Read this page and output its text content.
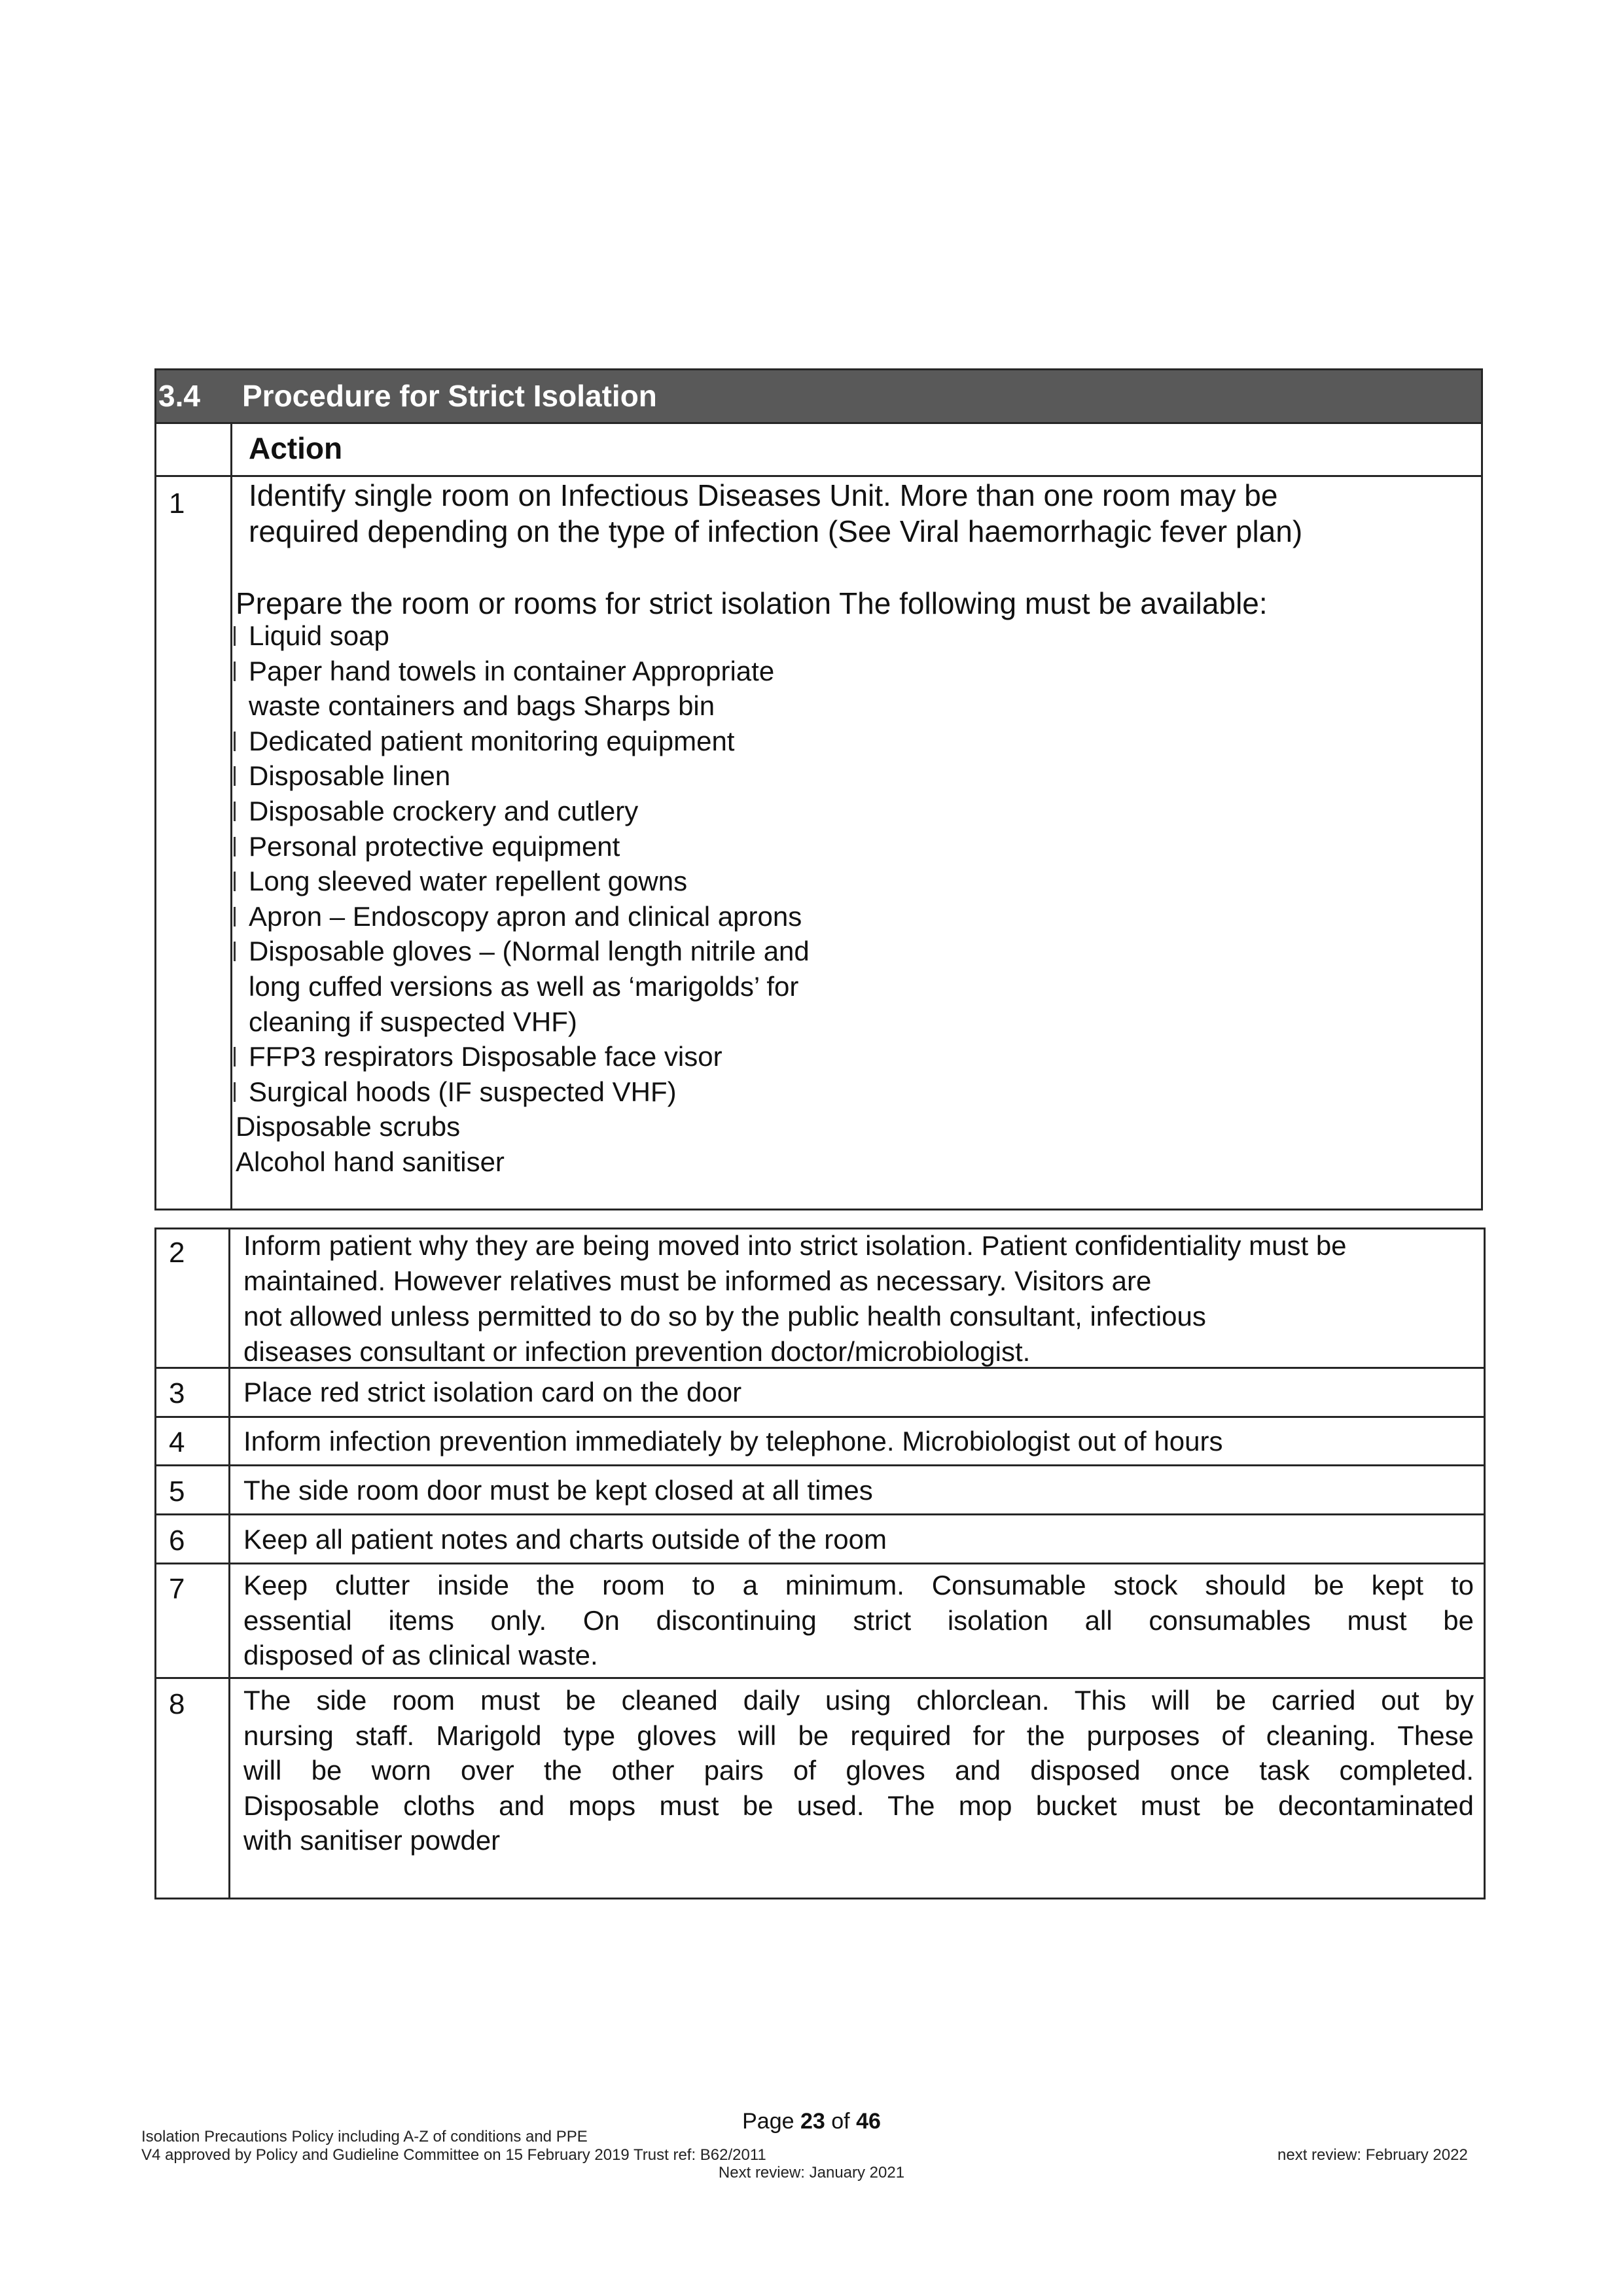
3.4 Procedure for Strict Isolation
Action
1 Identify single room on Infectious Diseases Unit. More than one room may be
required depending on the type of infection (See Viral haemorrhagic fever plan)
Prepare the room or rooms for strict isolation The following must be available:
Liquid soap
Paper hand towels in container Appropriate
waste containers and bags Sharps bin
Dedicated patient monitoring equipment
Disposable linen
Disposable crockery and cutlery
Personal protective equipment
Long sleeved water repellent gowns
Apron – Endoscopy apron and clinical aprons
Disposable gloves – (Normal length nitrile and
long cuffed versions as well as ‘marigolds’ for
cleaning if suspected VHF)
FFP3 respirators Disposable face visor
Surgical hoods (IF suspected VHF)
Disposable scrubs
Alcohol hand sanitiser
2 Inform patient why they are being moved into strict isolation. Patient confidentiality must be
maintained. However relatives must be informed as necessary. Visitors are
not allowed unless permitted to do so by the public health consultant, infectious
diseases consultant or infection prevention doctor/microbiologist.
3 Place red strict isolation card on the door
4 Inform infection prevention immediately by telephone. Microbiologist out of hours
5 The side room door must be kept closed at all times
6 Keep all patient notes and charts outside of the room
7 Keep clutter inside the room to a minimum. Consumable stock should be kept to
essential items only. On discontinuing strict isolation all consumables must be
disposed of as clinical waste.
8 The side room must be cleaned daily using chlorclean. This will be carried out by
nursing staff. Marigold type gloves will be required for the purposes of cleaning. These
will be worn over the other pairs of gloves and disposed once task completed.
Disposable cloths and mops must be used. The mop bucket must be decontaminated
with sanitiser powder
Page 23 of 46
Isolation Precautions Policy including A-Z of conditions and PPE
V4 approved by Policy and Gudieline Committee on 15 February 2019 Trust ref: B62/2011	next review: February 2022
Next review: January 2021
